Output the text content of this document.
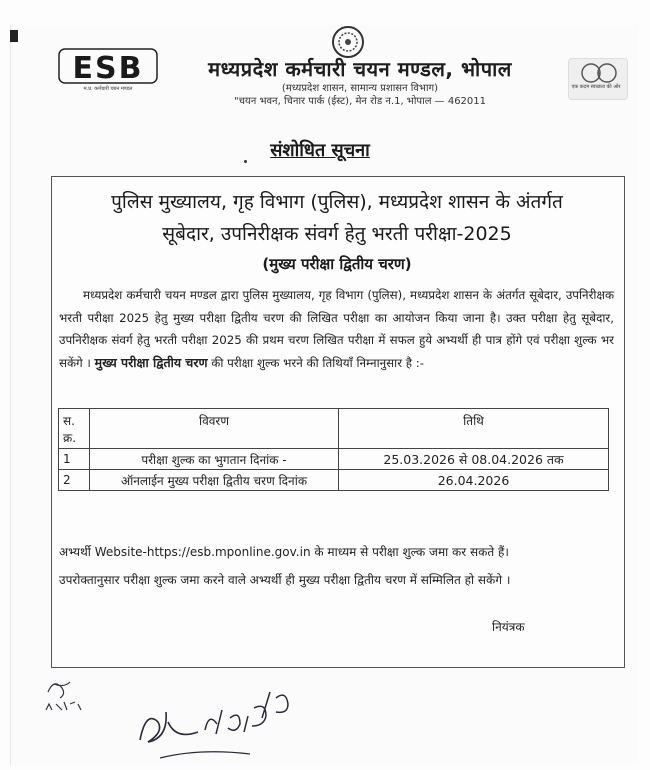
ESB
म.प्र. कर्मचारी चयन मण्डल
मध्यप्रदेश कर्मचारी चयन मण्डल, भोपाल
(मध्यप्रदेश शासन, सामान्य प्रशासन विभाग)
"चयन भवन, चिनार पार्क (ईस्ट), मेन रोड न.1, भोपाल — 462011
एक कदम स्वच्छता की ओर
संशोधित सूचना
पुलिस मुख्यालय, गृह विभाग (पुलिस), मध्यप्रदेश शासन के अंतर्गत
सूबेदार, उपनिरीक्षक संवर्ग हेतु भरती परीक्षा-2025
(मुख्य परीक्षा द्वितीय चरण)
मध्यप्रदेश कर्मचारी चयन मण्डल द्वारा पुलिस मुख्यालय, गृह विभाग (पुलिस), मध्यप्रदेश शासन के अंतर्गत सूबेदार, उपनिरीक्षक भरती परीक्षा 2025 हेतु मुख्य परीक्षा द्वितीय चरण की लिखित परीक्षा का आयोजन किया जाना है। उक्त परीक्षा हेतु सूबेदार, उपनिरीक्षक संवर्ग हेतु भरती परीक्षा 2025 की प्रथम चरण लिखित परीक्षा में सफल हुये अभ्यर्थी ही पात्र होंगे एवं परीक्षा शुल्क भर सकेंगे । मुख्य परीक्षा द्वितीय चरण की परीक्षा शुल्क भरने की तिथियाँ निम्नानुसार है :-
स. क्र.	विवरण	तिथि
1	परीक्षा शुल्क का भुगतान दिनांक -	25.03.2026 से 08.04.2026 तक
2	ऑनलाईन मुख्य परीक्षा द्वितीय चरण दिनांक	26.04.2026
अभ्यर्थी Website-https://esb.mponline.gov.in के माध्यम से परीक्षा शुल्क जमा कर सकते हैं।
उपरोक्तानुसार परीक्षा शुल्क जमा करने वाले अभ्यर्थी ही मुख्य परीक्षा द्वितीय चरण में सम्मिलित हो सकेंगे ।
नियंत्रक
